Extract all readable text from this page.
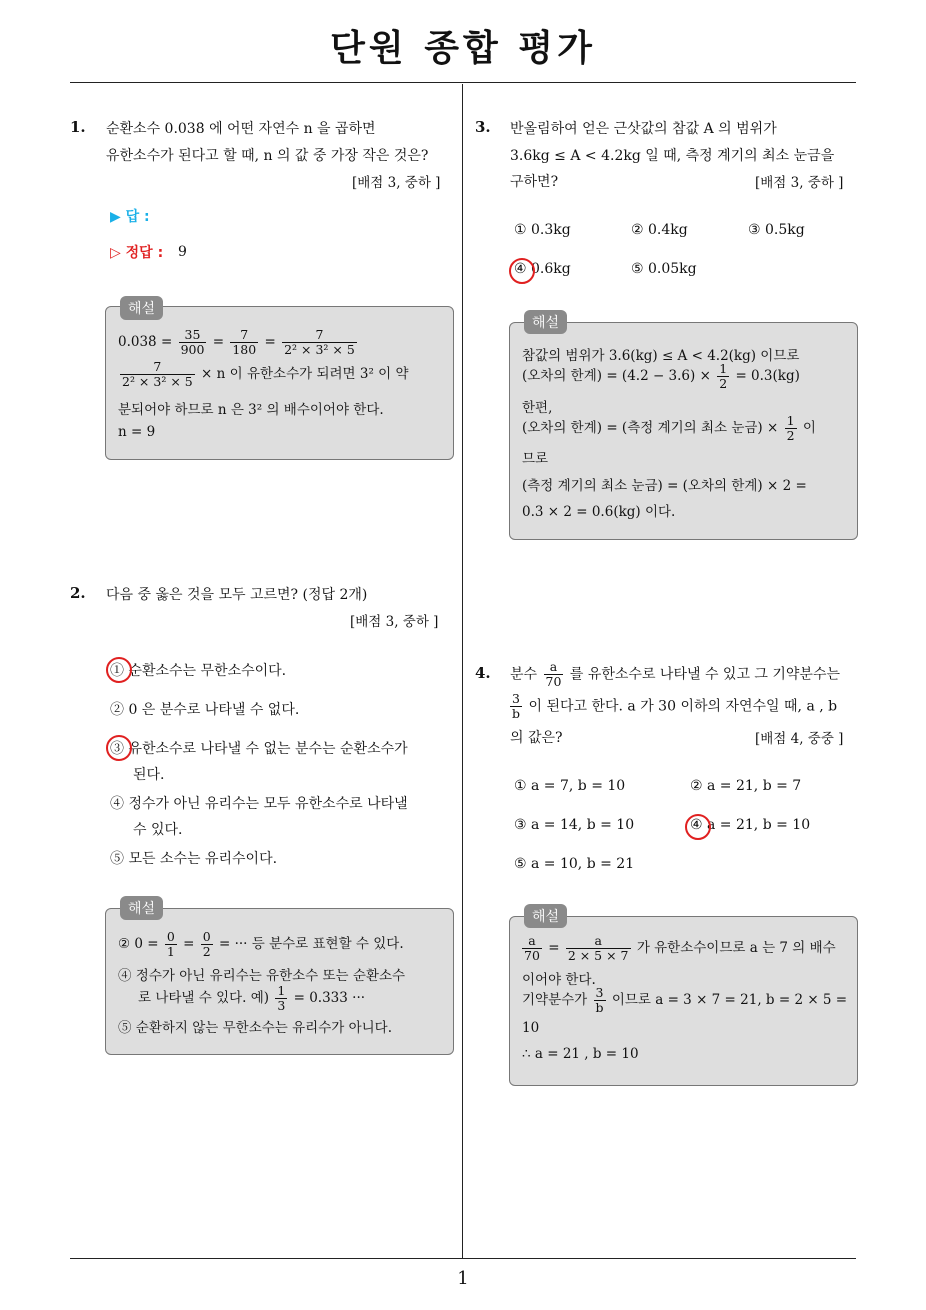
단원 종합 평가
1
1. 순환소수 0.038̇ 에 어떤 자연수 n 을 곱하면
유한소수가 된다고 할 때, n 의 값 중 가장 작은 것은?
[배점 3, 중하 ]
▶ 답 :
▷ 정답 : 9
해설
0.038̇ = $\frac{35}{900} = \frac{7}{180} = \frac{7}{\text{2² × 3² × 5}}$
$\frac{7}{\text{2² × 3² × 5}} \times n$ 이 유한소수가 되려면 3² 이 약
분되어야 하므로 n 은 3² 의 배수이어야 한다.
n = 9
2. 다음 중 옳은 것을 모두 고르면? (정답 2개)
[배점 3, 중하 ]
① 순환소수는 무한소수이다.
② 0 은 분수로 나타낼 수 없다.
③ 유한소수로 나타낼 수 없는 분수는 순환소수가
된다.
④ 정수가 아닌 유리수는 모두 유한소수로 나타낼
수 있다.
⑤ 모든 소수는 유리수이다.
해설
② $0 = \frac{0}{1} = \frac{0}{2}$ = ··· 등 분수로 표현할 수 있다.
④ 정수가 아닌 유리수는 유한소수 또는 순환소수
로 나타낼 수 있다. 예) $\frac{1}{3} = 0.333$ ···
⑤ 순환하지 않는 무한소수는 유리수가 아니다.
3. 반올림하여 얻은 근삿값의 참값 A 의 범위가
3.6kg ≤ A < 4.2kg 일 때, 측정 계기의 최소 눈금을
구하면?	[배점 3, 중하 ]
① 0.3kg	② 0.4kg	③ 0.5kg
④ 0.6kg	⑤ 0.05kg
해설
참값의 범위가 3.6(kg) ≤ A < 4.2(kg) 이므로
(오차의 한계) = $(4.2 - 3.6) \times \frac{1}{2} = 0.3(kg)$
한편,
(오차의 한계) = (측정 계기의 최소 눈금) × $\frac{1}{2}$ 이
므로
(측정 계기의 최소 눈금) = (오차의 한계) × 2 =
0.3 × 2 = 0.6(kg) 이다.
4. 분수 $\frac{a}{70}$ 를 유한소수로 나타낼 수 있고 그 기약분수는
$\frac{3}{b}$ 이 된다고 한다. a 가 30 이하의 자연수일 때, a , b
의 값은?	[배점 4, 중중 ]
① a = 7, b = 10	② a = 21, b = 7
③ a = 14, b = 10	④ a = 21, b = 10
⑤ a = 10, b = 21
해설
$\frac{a}{70} = \frac{a}{2 \times 5 \times 7}$ 가 유한소수이므로 a 는 7 의 배수
이어야 한다.
기약분수가 $\frac{3}{b}$ 이므로 a = 3 × 7 = 21, b = 2 × 5 =
10
∴ a = 21 , b = 10
